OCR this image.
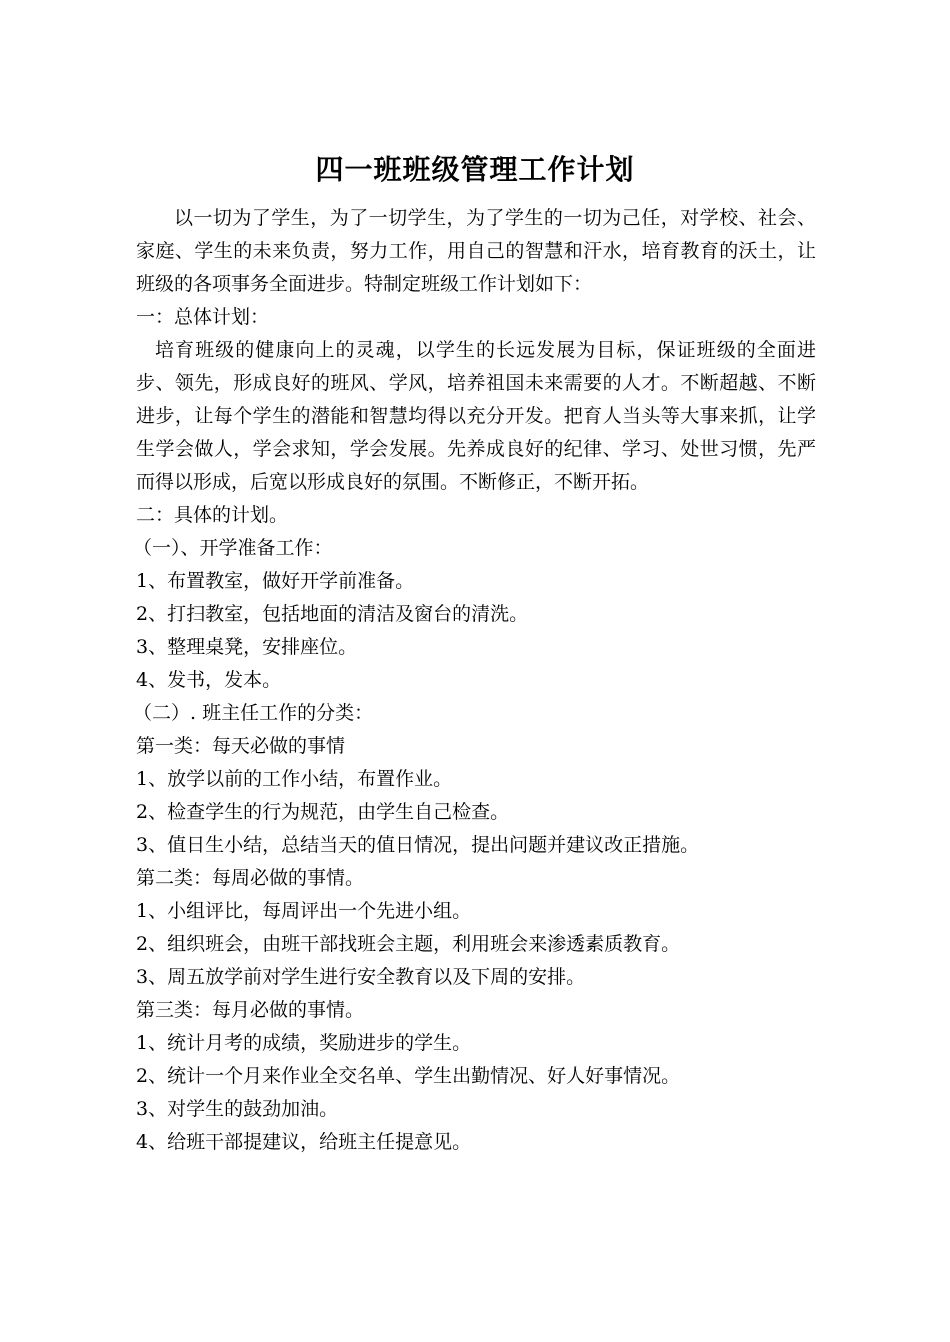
四一班班级管理工作计划

以一切为了学生，为了一切学生，为了学生的一切为己任，对学校、社会、家庭、学生的未来负责，努力工作，用自己的智慧和汗水，培育教育的沃土，让班级的各项事务全面进步。特制定班级工作计划如下：

一：总体计划：

培育班级的健康向上的灵魂，以学生的长远发展为目标，保证班级的全面进步、领先，形成良好的班风、学风，培养祖国未来需要的人才。不断超越、不断进步，让每个学生的潜能和智慧均得以充分开发。把育人当头等大事来抓，让学生学会做人，学会求知，学会发展。先养成良好的纪律、学习、处世习惯，先严而得以形成，后宽以形成良好的氛围。不断修正，不断开拓。

二：具体的计划。

（一）、开学准备工作：

1、布置教室，做好开学前准备。

2、打扫教室，包括地面的清洁及窗台的清洗。

3、整理桌凳，安排座位。

4、发书，发本。

（二）. 班主任工作的分类：

第一类：每天必做的事情

1、放学以前的工作小结，布置作业。

2、检查学生的行为规范，由学生自己检查。

3、值日生小结，总结当天的值日情况，提出问题并建议改正措施。

第二类：每周必做的事情。

1、小组评比，每周评出一个先进小组。

2、组织班会，由班干部找班会主题，利用班会来渗透素质教育。

3、周五放学前对学生进行安全教育以及下周的安排。

第三类：每月必做的事情。

1、统计月考的成绩，奖励进步的学生。

2、统计一个月来作业全交名单、学生出勤情况、好人好事情况。

3、对学生的鼓劲加油。

4、给班干部提建议，给班主任提意见。
